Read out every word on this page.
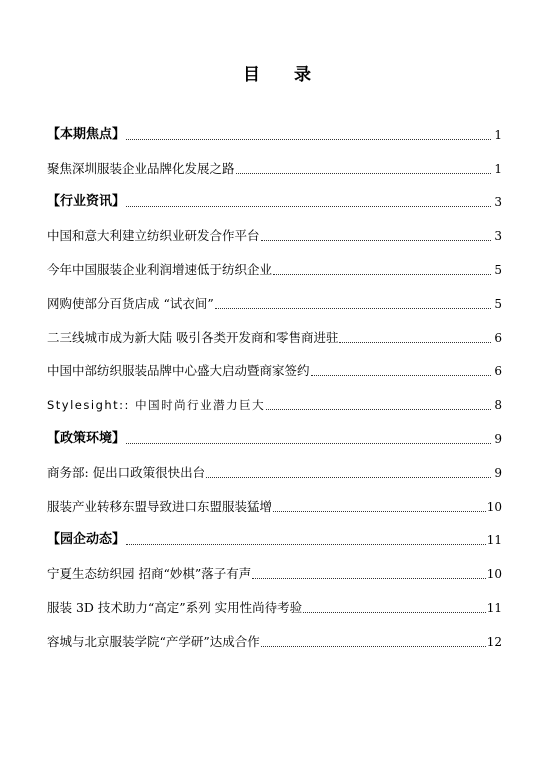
目 录
【本期焦点】	1
聚焦深圳服装企业品牌化发展之路	1
【行业资讯】	3
中国和意大利建立纺织业研发合作平台	3
今年中国服装企业利润增速低于纺织企业	5
网购使部分百货店成 “试衣间”	5
二三线城市成为新大陆 吸引各类开发商和零售商进驻	6
中国中部纺织服装品牌中心盛大启动暨商家签约	6
Stylesight:: 中国时尚行业潜力巨大	8
【政策环境】	9
商务部: 促出口政策很快出台	9
服装产业转移东盟导致进口东盟服装猛增	10
【园企动态】	11
宁夏生态纺织园 招商“妙棋”落子有声	10
服装 3D 技术助力“高定”系列 实用性尚待考验	11
容城与北京服装学院“产学研”达成合作	12
